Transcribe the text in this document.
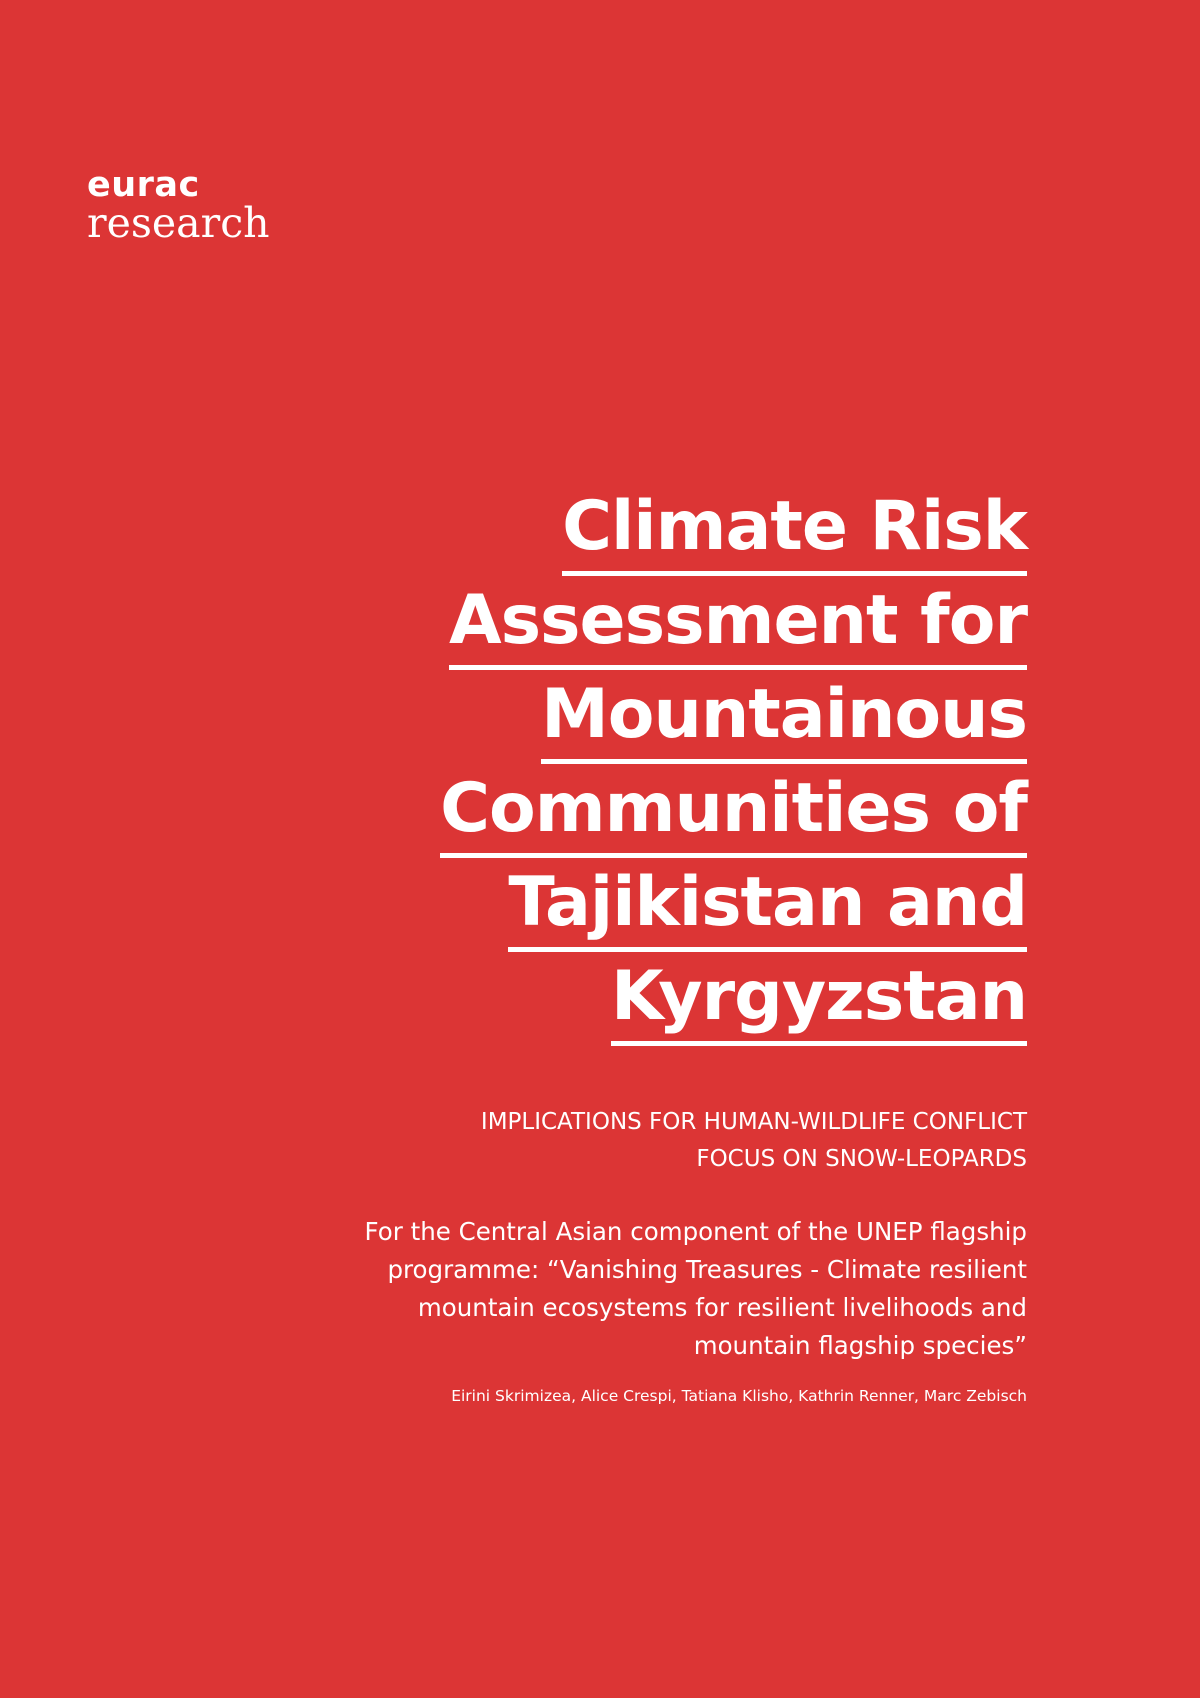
eurac
research
Climate Risk
Assessment for
Mountainous
Communities of
Tajikistan and
Kyrgyzstan
IMPLICATIONS FOR HUMAN-WILDLIFE CONFLICT
FOCUS ON SNOW-LEOPARDS
For the Central Asian component of the UNEP flagship
programme: “Vanishing Treasures - Climate resilient
mountain ecosystems for resilient livelihoods and
mountain flagship species”
Eirini Skrimizea, Alice Crespi, Tatiana Klisho, Kathrin Renner, Marc Zebisch
